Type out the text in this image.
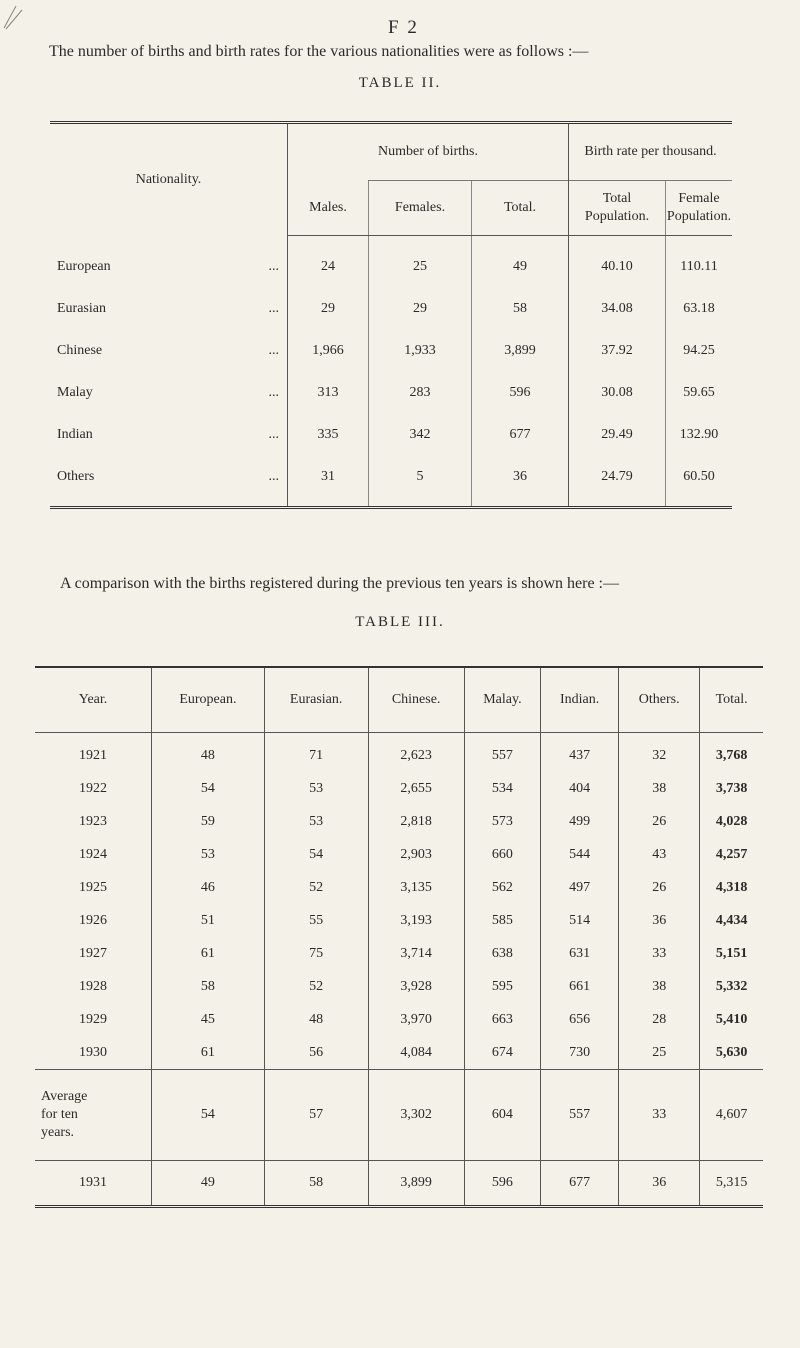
F 2
The number of births and birth rates for the various nationalities were as follows :—
TABLE II.
Nationality.	Number of births.			Birth rate per thousand.	
	Males.	Females.	Total.	Total Population.	Female Population.
European ...	24	25	49	40.10	110.11
Eurasian ...	29	29	58	34.08	63.18
Chinese ...	1,966	1,933	3,899	37.92	94.25
Malay ...	313	283	596	30.08	59.65
Indian ...	335	342	677	29.49	132.90
Others ...	31	5	36	24.79	60.50
A comparison with the births registered during the previous ten years is shown here :—
TABLE III.
Year.	European.	Eurasian.	Chinese.	Malay.	Indian.	Others.	Total.
1921	48	71	2,623	557	437	32	3,768
1922	54	53	2,655	534	404	38	3,738
1923	59	53	2,818	573	499	26	4,028
1924	53	54	2,903	660	544	43	4,257
1925	46	52	3,135	562	497	26	4,318
1926	51	55	3,193	585	514	36	4,434
1927	61	75	3,714	638	631	33	5,151
1928	58	52	3,928	595	661	38	5,332
1929	45	48	3,970	663	656	28	5,410
1930	61	56	4,084	674	730	25	5,630

Average
for ten
years.	54	57	3,302	604	557	33	4,607
1931	49	58	3,899	596	677	36	5,315
